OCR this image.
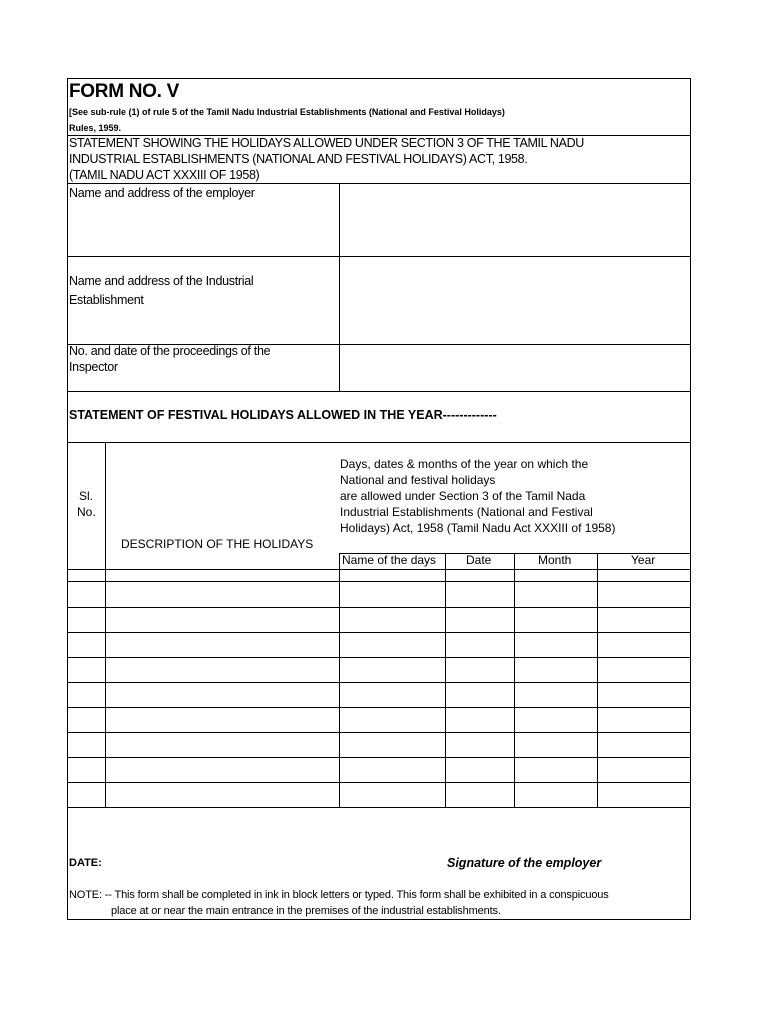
FORM NO. V
[See sub-rule (1) of rule 5 of the Tamil Nadu Industrial Establishments (National and Festival Holidays)
Rules, 1959.
STATEMENT SHOWING THE HOLIDAYS ALLOWED UNDER SECTION 3 OF THE TAMIL NADU
INDUSTRIAL ESTABLISHMENTS (NATIONAL AND FESTIVAL HOLIDAYS) ACT, 1958.
(TAMIL NADU ACT XXXIII OF 1958)
Name and address of the employer
Name and address of the Industrial
Establishment
No. and date of the proceedings of the
Inspector
STATEMENT OF FESTIVAL HOLIDAYS ALLOWED IN THE YEAR-------------
Sl.
No.
DESCRIPTION OF THE HOLIDAYS
Days, dates & months of the year on which the
National and festival holidays
are allowed under Section 3 of the Tamil Nada
Industrial Establishments (National and Festival
Holidays) Act, 1958 (Tamil Nadu Act XXXIII of 1958)
Name of the days Date	Month	Year
DATE:	Signature of the employer
NOTE: -- This form shall be completed in ink in block letters or typed. This form shall be exhibited in a conspicuous
place at or near the main entrance in the premises of the industrial establishments.
